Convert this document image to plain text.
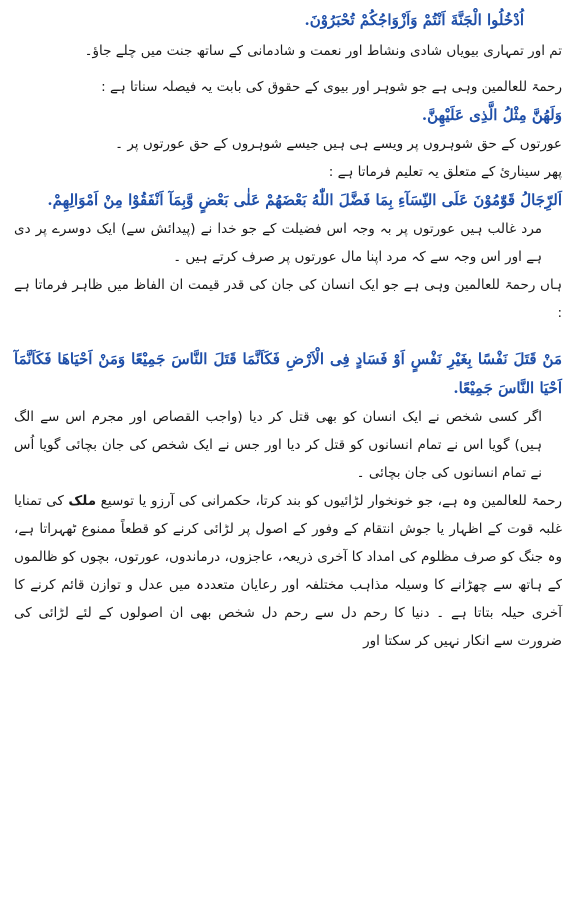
اُدْخُلُوا الْجَنَّةَ اَنْتُمْ وَاَزْوَاجُكُمْ تُحْبَرُوْنَ.

تم اور تمہاری بیویاں شادی ونشاط اور نعمت و شادمانی کے ساتھ جنت میں چلے جاؤ۔

رحمۃ للعالمین وہی ہے جو شوہر اور بیوی کے حقوق کی بابت یہ فیصلہ سناتا ہے :

وَلَهُنَّ مِثْلُ الَّذِی عَلَیْهِنَّ.

عورتوں کے حق شوہروں پر ویسے ہی ہیں جیسے شوہروں کے حق عورتوں پر ۔

پھر سیناریٔ کے متعلق یہ تعلیم فرماتا ہے :

اَلرِّجَالُ قَوّٰمُوْنَ عَلَی النِّسَآءِ بِمَا فَضَّلَ اللّٰهُ بَعْضَهُمْ عَلٰی بَعْضٍ وَّبِمَآ اَنْفَقُوْا مِنْ اَمْوَالِهِمْ.

مرد غالب ہیں عورتوں پر بہ وجہ اس فضیلت کے جو خدا نے (پیدائش سے) ایک دوسرے پر دی ہے اور اس وجہ سے کہ مرد اپنا مال عورتوں پر صرف کرتے ہیں ۔

ہاں رحمۃ للعالمین وہی ہے جو ایک انسان کی جان کی قدر قیمت ان الفاظ میں ظاہر فرماتا ہے :

مَنْ قَتَلَ نَفْسًا بِغَیْرِ نَفْسٍ اَوْ فَسَادٍ فِی الْاَرْضِ فَكَاَنَّمَا قَتَلَ النَّاسَ جَمِیْعًا وَمَنْ اَحْیَاهَا فَكَاَنَّمَآ اَحْیَا النَّاسَ جَمِیْعًا.

اگر کسی شخص نے ایک انسان کو بھی قتل کر دیا (واجب القصاص اور مجرم اس سے الگ ہیں) گویا اس نے تمام انسانوں کو قتل کر دیا اور جس نے ایک شخص کی جان بچائی گویا اُس نے تمام انسانوں کی جان بچائی ۔

رحمۃ للعالمین وہ ہے، جو خونخوار لڑائیوں کو بند کرتا، حکمرانی کی آرزو یا توسیع ملک کی تمنایا غلبہ قوت کے اظہار یا جوش انتقام کے وفور کے اصول پر لڑائی کرنے کو قطعاً ممنوع ٹھہراتا ہے، وہ جنگ کو صرف مظلوم کی امداد کا آخری ذریعہ، عاجزوں، درماندوں، عورتوں، بچوں کو ظالموں کے ہاتھ سے چھڑانے کا وسیلہ مذاہب مختلفہ اور رعایان متعددہ میں عدل و توازن قائم کرنے کا آخری حیلہ بتاتا ہے ۔ دنیا کا رحم دل سے رحم دل شخص بھی ان اصولوں کے لئے لڑائی کی ضرورت سے انکار نہیں کر سکتا اور
